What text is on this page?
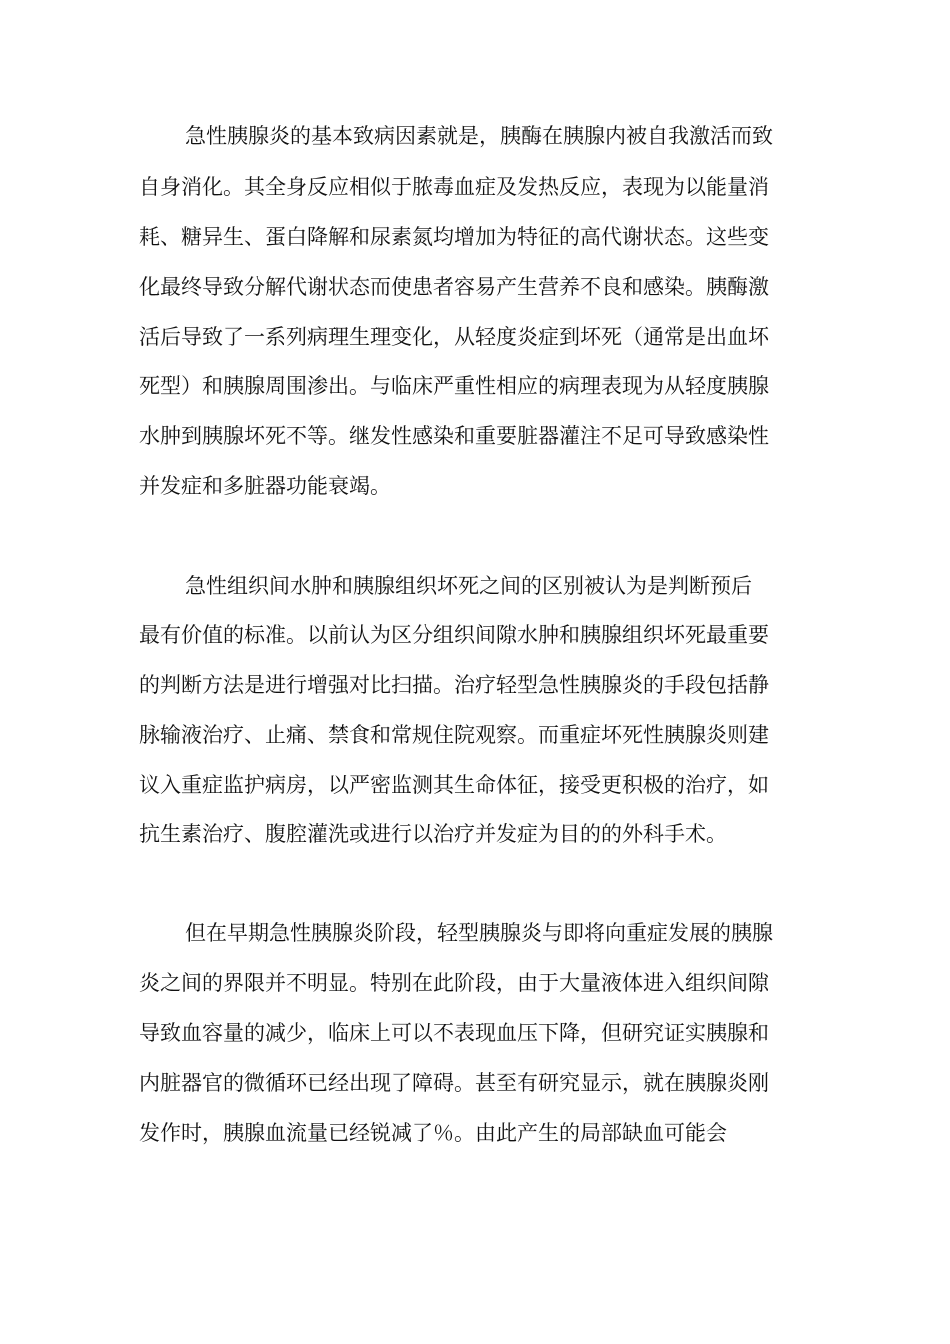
急性胰腺炎的基本致病因素就是，胰酶在胰腺内被自我激活而致

自身消化。其全身反应相似于脓毒血症及发热反应，表现为以能量消

耗、糖异生、蛋白降解和尿素氮均增加为特征的高代谢状态。这些变

化最终导致分解代谢状态而使患者容易产生营养不良和感染。胰酶激

活后导致了一系列病理生理变化，从轻度炎症到坏死（通常是出血坏

死型）和胰腺周围渗出。与临床严重性相应的病理表现为从轻度胰腺

水肿到胰腺坏死不等。继发性感染和重要脏器灌注不足可导致感染性

并发症和多脏器功能衰竭。

急性组织间水肿和胰腺组织坏死之间的区别被认为是判断预后

最有价值的标准。以前认为区分组织间隙水肿和胰腺组织坏死最重要

的判断方法是进行增强对比扫描。治疗轻型急性胰腺炎的手段包括静

脉输液治疗、止痛、禁食和常规住院观察。而重症坏死性胰腺炎则建

议入重症监护病房，以严密监测其生命体征，接受更积极的治疗，如

抗生素治疗、腹腔灌洗或进行以治疗并发症为目的的外科手术。

但在早期急性胰腺炎阶段，轻型胰腺炎与即将向重症发展的胰腺

炎之间的界限并不明显。特别在此阶段，由于大量液体进入组织间隙

导致血容量的减少，临床上可以不表现血压下降，但研究证实胰腺和

内脏器官的微循环已经出现了障碍。甚至有研究显示，就在胰腺炎刚

发作时，胰腺血流量已经锐减了％。由此产生的局部缺血可能会
